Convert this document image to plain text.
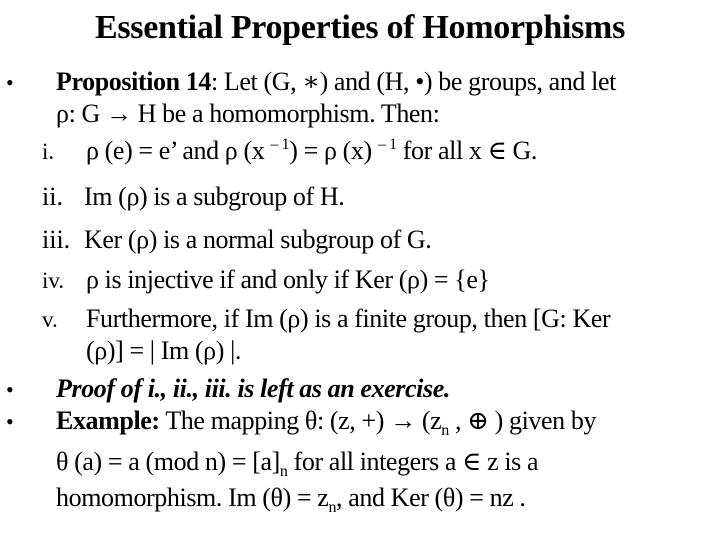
Essential Properties of Homorphisms
• Proposition 14: Let (G, ∗) and (H, •) be groups, and let
ρ: G → H be a homomorphism. Then:
i. ρ (e) = e’ and ρ (x $^{- 1}$) = ρ (x) $^{- 1}$ for all x ∈ G.
ii. Im (ρ) is a subgroup of H.
iii. Ker (ρ) is a normal subgroup of G.
iv. ρ is injective if and only if Ker (ρ) = {e}
v. Furthermore, if Im (ρ) is a finite group, then [G: Ker
(ρ)] = | Im (ρ) |.
• Proof of i., ii., iii. is left as an exercise.
• Example: The mapping θ: (z, +) → ($z_n$ , ⊕ ) given by
θ (a) = a (mod $n) = [a]_n$ for all integers a ∈ z is a
homomorphism. Im $(\theta) = z_n$, and Ker (θ) = nz .
